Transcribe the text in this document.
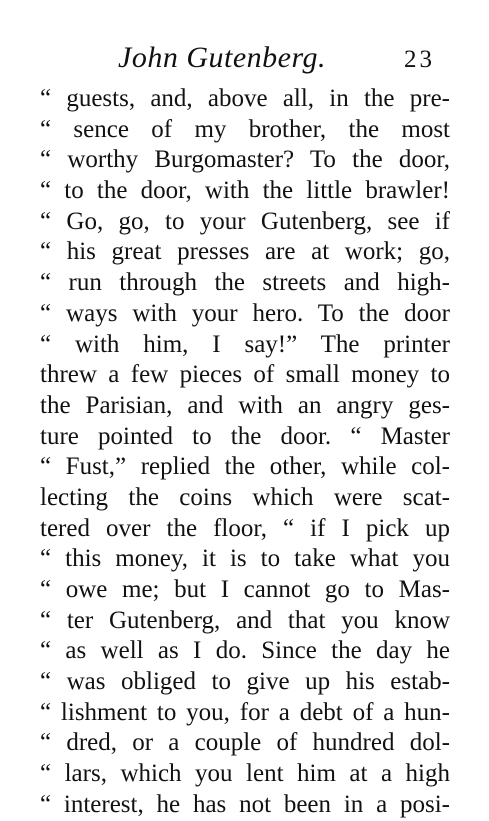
John Gutenberg.	23
“ guests, and, above all, in the pre-
“ sence of my brother, the most
“ worthy Burgomaster? To the door,
“ to the door, with the little brawler!
“ Go, go, to your Gutenberg, see if
“ his great presses are at work; go,
“ run through the streets and high-
“ ways with your hero. To the door
“ with him, I say!” The printer
threw a few pieces of small money to
the Parisian, and with an angry ges-
ture pointed to the door. “ Master
“ Fust,” replied the other, while col-
lecting the coins which were scat-
tered over the floor, “ if I pick up
“ this money, it is to take what you
“ owe me; but I cannot go to Mas-
“ ter Gutenberg, and that you know
“ as well as I do. Since the day he
“ was obliged to give up his estab-
“ lishment to you, for a debt of a hun-
“ dred, or a couple of hundred dol-
“ lars, which you lent him at a high
“ interest, he has not been in a posi-
